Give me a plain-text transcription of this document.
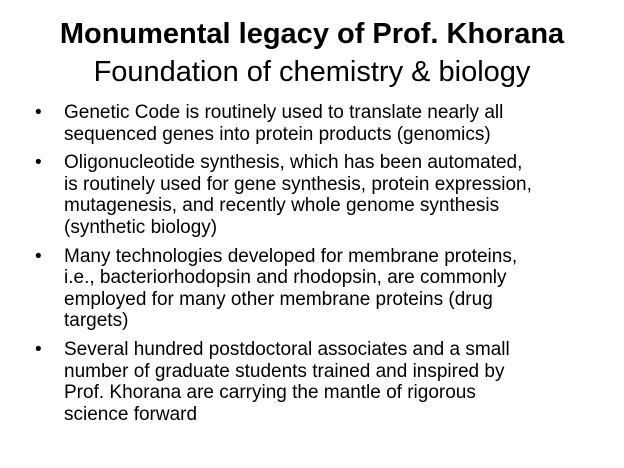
Monumental legacy of Prof. Khorana
Foundation of chemistry & biology
• Genetic Code is routinely used to translate nearly all
sequenced genes into protein products (genomics)
• Oligonucleotide synthesis, which has been automated,
is routinely used for gene synthesis, protein expression,
mutagenesis, and recently whole genome synthesis
(synthetic biology)
• Many technologies developed for membrane proteins,
i.e., bacteriorhodopsin and rhodopsin, are commonly
employed for many other membrane proteins (drug
targets)
• Several hundred postdoctoral associates and a small
number of graduate students trained and inspired by
Prof. Khorana are carrying the mantle of rigorous
science forward
